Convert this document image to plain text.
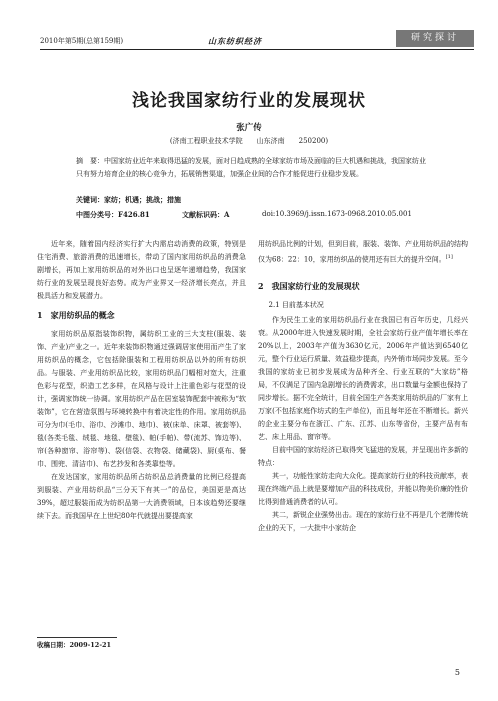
2010年第5期(总第159期)	山东纺织经济	研究探讨
浅论我国家纺行业的发展现状
张广传
(济南工程职业技术学院　　山东济南　　250200)
摘　要：中国家纺业近年来取得迅猛的发展，面对日趋成熟的全球家纺市场及面临的巨大机遇和挑战，我国家纺业只有努力培育企业的核心竞争力，拓展销售渠道，加强企业间的合作才能促进行业稳步发展。
关键词：家纺；机遇；挑战；措施
中图分类号：F426.81	文献标识码：A	doi:10.3969/j.issn.1673-0968.2010.05.001

近年来，随着国内经济实行扩大内需启动消费的政策，特别是住宅消费、旅游消费的迅速增长，带动了国内家用纺织品的消费急剧增长，再加上家用纺织品的对外出口也呈逐年递增趋势，我国家纺行业的发展呈现良好态势。成为产业界又一经济增长亮点，并且极具活力和发展潜力。

1　家用纺织品的概念

家用纺织品原指装饰织物，属纺织工业的三大支柱(服装、装饰、产业)产业之一。近年来装饰织物通过强调居家使用而产生了家用纺织品的概念，它包括除服装和工程用纺织品以外的所有纺织品。与服装、产业用纺织品比较，家用纺织品门幅相对宽大，注重色彩与花型，织造工艺多样，在风格与设计上注重色彩与花型的设计，强调家饰统一协调。家用纺织产品在居室装饰配套中被称为“软装饰”，它在营造氛围与环境转换中有着决定性的作用。家用纺织品可分为巾(毛巾、浴巾、沙滩巾、地巾)、被(床单、床罩、被套等)、毯(各类毛毯、绒毯、地毯、壁毯)、帕(手帕)、带(流苏、饰边等)、帘(各种窗帘、浴帘等)、袋(信袋、衣物袋、储藏袋)、厨(桌布、餐巾、围兜、清洁巾)、布艺抄发和各类靠垫等。

在发达国家，家用纺织品所占纺织品总消费量的比例已经提高到服装、产业用纺织品“三分天下有其一”的品位，美国更是高达39%，超过服装而成为纺织品第一大消费领域，日本该趋势还要继续下去。而我国早在上世纪80年代就提出要提高家

用纺织品比例的计划，但到目前，服装、装饰、产业用纺织品的结构仅为68：22：10，家用纺织品的使用还有巨大的提升空间。[1]

2　我国家纺行业的发展现状
2.1 目前基本状况

作为民生工业的家用纺织品行业在我国已有百年历史，几经兴衰。从2000年进入快速发展时期，全社会家纺行业产值年增长率在20%以上，2003年产值为3630亿元，2006年产值达到6540亿元，整个行业运行质量、效益稳步提高，内外销市场同步发展。至今我国的家纺业已初步发展成为品种齐全、行业互联的“大家纺”格局，不仅满足了国内急剧增长的消费需求，出口数量与金额也保持了同步增长。据不完全统计，目前全国生产各类家用纺织品的厂家有上万家(不包括家庭作坊式的生产单位)，而且每年还在不断增长。新兴的企业主要分布在浙江、广东、江苏、山东等省份，主要产品有布艺、床上用品、窗帘等。

目前中国的家纺经济已取得突飞猛进的发展，并呈现出许多新的特点：

其一，功能性家纺走向大众化。提高家纺行业的科技贡献率，表现在终端产品上就是要增加产品的科技成份，并能以物美价廉的性价比得到普通消费者的认可。

其二，新锐企业强势出击。现在的家纺行业不再是几个老牌传统企业的天下，一大批中小家纺企

收稿日期：2009-12-21
5
